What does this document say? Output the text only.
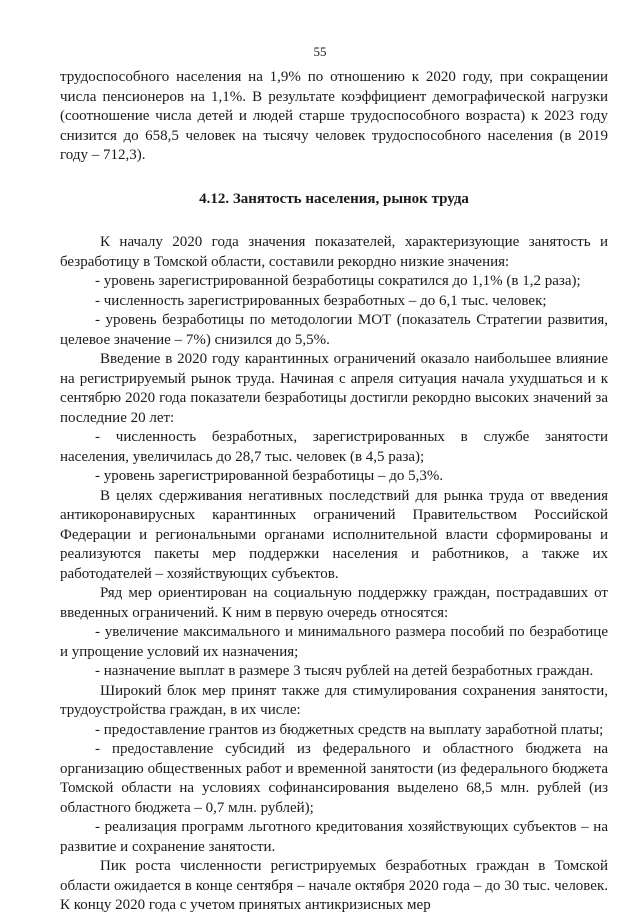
55

трудоспособного населения на 1,9% по отношению к 2020 году, при сокращении числа пенсионеров на 1,1%. В результате коэффициент демографической нагрузки (соотношение числа детей и людей старше трудоспособного возраста) к 2023 году снизится до 658,5 человек на тысячу человек трудоспособного населения (в 2019 году – 712,3).

4.12. Занятость населения, рынок труда

К началу 2020 года значения показателей, характеризующие занятость и безработицу в Томской области, составили рекордно низкие значения:

- уровень зарегистрированной безработицы сократился до 1,1% (в 1,2 раза);

- численность зарегистрированных безработных – до 6,1 тыс. человек;

- уровень безработицы по методологии МОТ (показатель Стратегии развития, целевое значение – 7%) снизился до 5,5%.

Введение в 2020 году карантинных ограничений оказало наибольшее влияние на регистрируемый рынок труда. Начиная с апреля ситуация начала ухудшаться и к сентябрю 2020 года показатели безработицы достигли рекордно высоких значений за последние 20 лет:

- численность безработных, зарегистрированных в службе занятости населения, увеличилась до 28,7 тыс. человек (в 4,5 раза);

- уровень зарегистрированной безработицы – до 5,3%.

В целях сдерживания негативных последствий для рынка труда от введения антикоронавирусных карантинных ограничений Правительством Российской Федерации и региональными органами исполнительной власти сформированы и реализуются пакеты мер поддержки населения и работников, а также их работодателей – хозяйствующих субъектов.

Ряд мер ориентирован на социальную поддержку граждан, пострадавших от введенных ограничений. К ним в первую очередь относятся:

- увеличение максимального и минимального размера пособий по безработице и упрощение условий их назначения;

- назначение выплат в размере 3 тысяч рублей на детей безработных граждан.

Широкий блок мер принят также для стимулирования сохранения занятости, трудоустройства граждан, в их числе:

- предоставление грантов из бюджетных средств на выплату заработной платы;

- предоставление субсидий из федерального и областного бюджета на организацию общественных работ и временной занятости (из федерального бюджета Томской области на условиях софинансирования выделено 68,5 млн. рублей (из областного бюджета – 0,7 млн. рублей);

- реализация программ льготного кредитования хозяйствующих субъектов – на развитие и сохранение занятости.

Пик роста численности регистрируемых безработных граждан в Томской области ожидается в конце сентября – начале октября 2020 года – до 30 тыс. человек. К концу 2020 года с учетом принятых антикризисных мер
